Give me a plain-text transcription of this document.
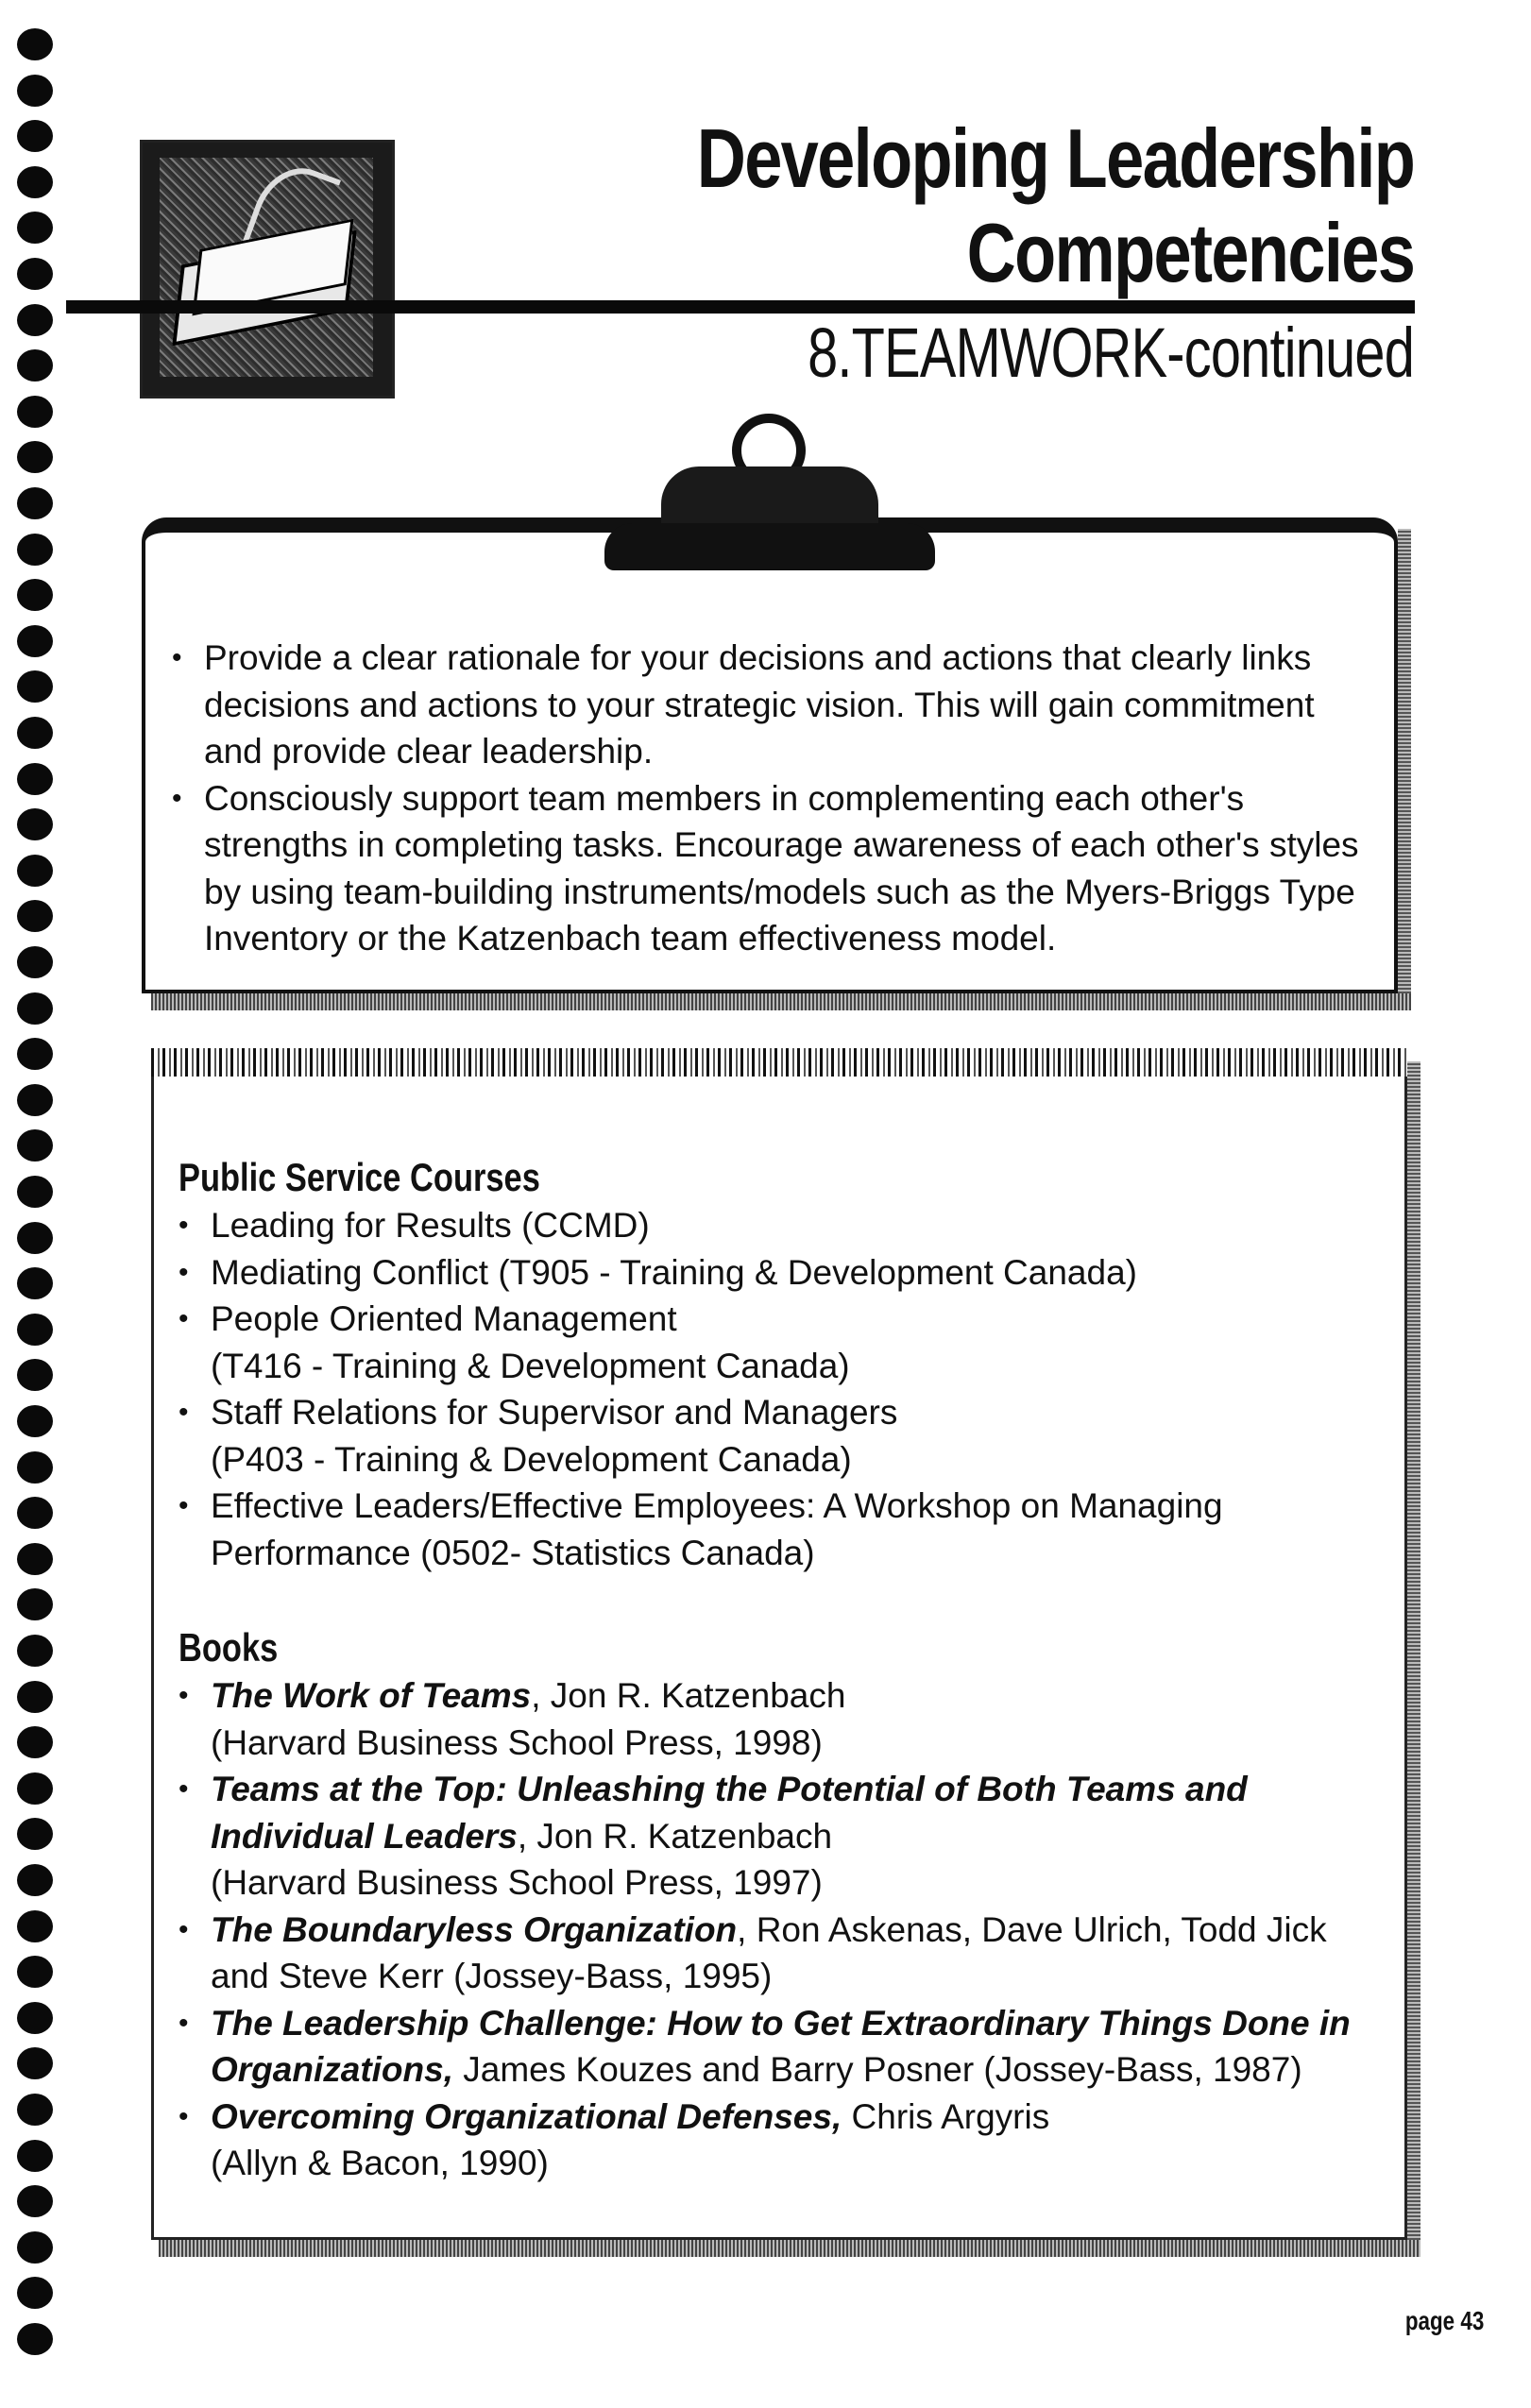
Developing Leadership
Competencies
8.TEAMWORK-continued
• Provide a clear rationale for your decisions and actions that clearly links decisions and actions to your strategic vision. This will gain commitment and provide clear leadership.
• Consciously support team members in complementing each other's strengths in completing tasks. Encourage awareness of each other's styles by using team-building instruments/models such as the Myers-Briggs Type Inventory or the Katzenbach team effectiveness model.
Public Service Courses
• Leading for Results (CCMD)
• Mediating Conflict (T905 - Training & Development Canada)
• People Oriented Management
(T416 - Training & Development Canada)
• Staff Relations for Supervisor and Managers
(P403 - Training & Development Canada)
• Effective Leaders/Effective Employees: A Workshop on Managing
Performance (0502- Statistics Canada)
Books
• The Work of Teams, Jon R. Katzenbach
(Harvard Business School Press, 1998)
• Teams at the Top: Unleashing the Potential of Both Teams and
Individual Leaders, Jon R. Katzenbach
(Harvard Business School Press, 1997)
• The Boundaryless Organization, Ron Askenas, Dave Ulrich, Todd Jick
and Steve Kerr (Jossey-Bass, 1995)
• The Leadership Challenge: How to Get Extraordinary Things Done in
Organizations, James Kouzes and Barry Posner (Jossey-Bass, 1987)
• Overcoming Organizational Defenses, Chris Argyris
(Allyn & Bacon, 1990)
page 43
